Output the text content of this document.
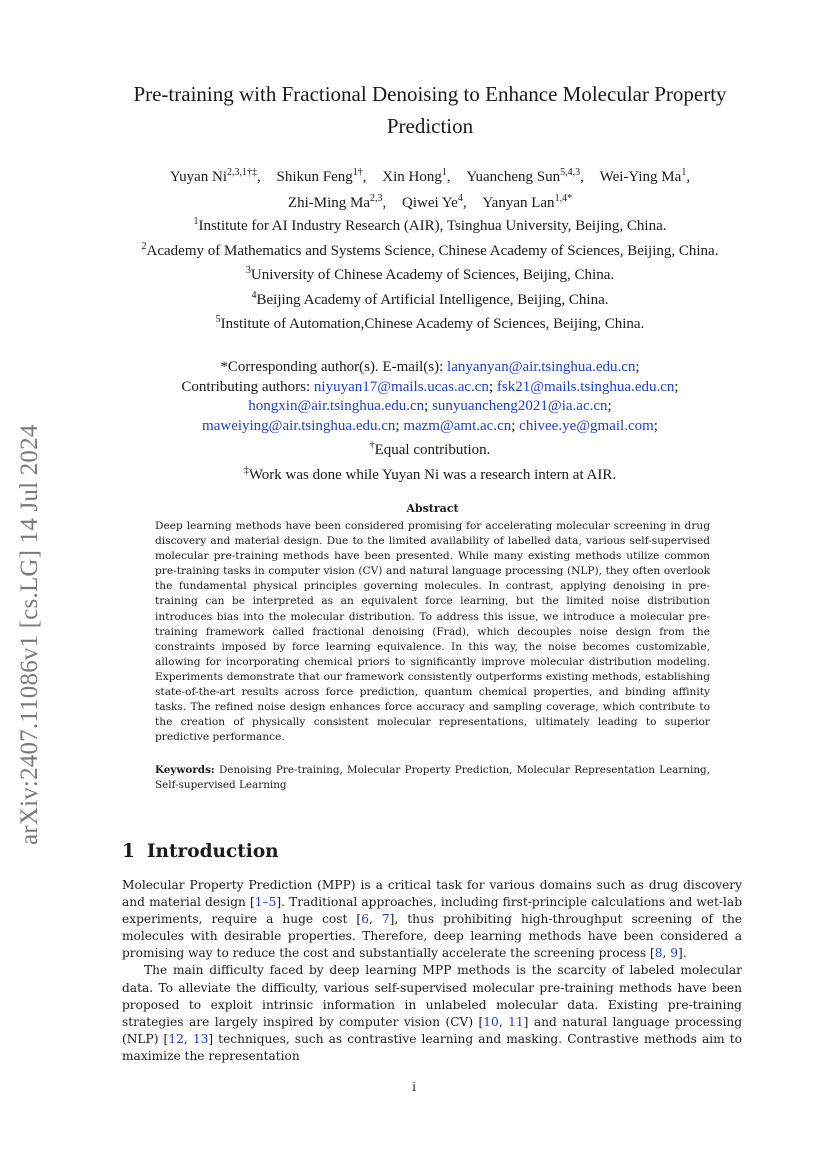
arXiv:2407.11086v1 [cs.LG] 14 Jul 2024
Pre-training with Fractional Denoising to Enhance Molecular Property Prediction
Yuyan $Ni^{2,3,1\dagger\ddagger}$, Shikun Feng$^{1\dagger}$, Xin Hong$^1$, Yuancheng Sun$^{5,4,3}$, Wei-Ying Ma$^1$,
Zhi-Ming Ma$^{2,3}$, Qiwei Ye$^4$, Yanyan Lan$^{1,4*}$
$^1$Institute for AI Industry Research (AIR), Tsinghua University, Beijing, China.
$^2$Academy of Mathematics and Systems Science, Chinese Academy of Sciences, Beijing, China.
$^3$University of Chinese Academy of Sciences, Beijing, China.
$^4$Beijing Academy of Artificial Intelligence, Beijing, China.
$^5$Institute of Automation,Chinese Academy of Sciences, Beijing, China.
*Corresponding author(s). E-mail(s): lanyanyan@air.tsinghua.edu.cn;
Contributing authors: niyuyan17@mails.ucas.ac.cn; fsk21@mails.tsinghua.edu.cn;
hongxin@air.tsinghua.edu.cn; sunyuancheng2021@ia.ac.cn;
maweiying@air.tsinghua.edu.cn; mazm@amt.ac.cn; chivee.ye@gmail.com;
†Equal contribution.
‡Work was done while Yuyan Ni was a research intern at AIR.
Abstract
Deep learning methods have been considered promising for accelerating molecular screening in drug discovery and material design. Due to the limited availability of labelled data, various self-supervised molecular pre-training methods have been presented. While many existing methods utilize common pre-training tasks in computer vision (CV) and natural language processing (NLP), they often overlook the fundamental physical principles governing molecules. In contrast, applying denoising in pre-training can be interpreted as an equivalent force learning, but the limited noise distribution introduces bias into the molecular distribution. To address this issue, we introduce a molecular pre-training framework called fractional denoising (Frad), which decouples noise design from the constraints imposed by force learning equivalence. In this way, the noise becomes customizable, allowing for incorporating chemical priors to significantly improve molecular distribution modeling. Experiments demonstrate that our framework consistently outperforms existing methods, establishing state-of-the-art results across force prediction, quantum chemical properties, and binding affinity tasks. The refined noise design enhances force accuracy and sampling coverage, which contribute to the creation of physically consistent molecular representations, ultimately leading to superior predictive performance.
Keywords: Denoising Pre-training, Molecular Property Prediction, Molecular Representation Learning, Self-supervised Learning
1 Introduction

Molecular Property Prediction (MPP) is a critical task for various domains such as drug discovery and material design [1–5]. Traditional approaches, including first-principle calculations and wet-lab experiments, require a huge cost [6, 7], thus prohibiting high-throughput screening of the molecules with desirable properties. Therefore, deep learning methods have been considered a promising way to reduce the cost and substantially accelerate the screening process [8, 9].

The main difficulty faced by deep learning MPP methods is the scarcity of labeled molecular data. To alleviate the difficulty, various self-supervised molecular pre-training methods have been proposed to exploit intrinsic information in unlabeled molecular data. Existing pre-training strategies are largely inspired by computer vision (CV) [10, 11] and natural language processing (NLP) [12, 13] techniques, such as contrastive learning and masking. Contrastive methods aim to maximize the representation

i
